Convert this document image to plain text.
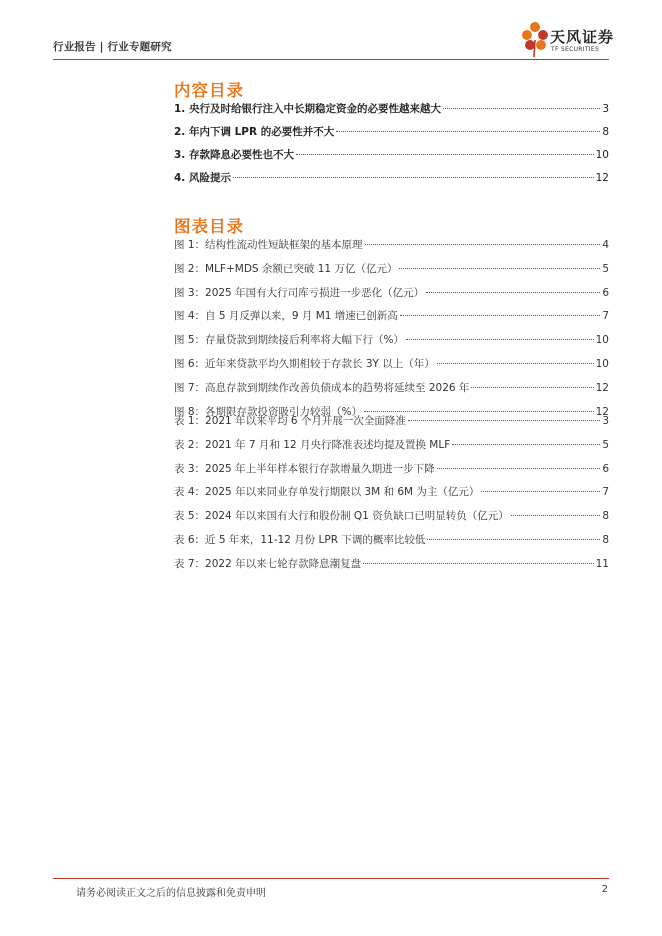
行业报告 | 行业专题研究
天风证券
TF SECURITIES
内容目录
1. 央行及时给银行注入中长期稳定资金的必要性越来越大	3
2. 年内下调 LPR 的必要性并不大	8
3. 存款降息必要性也不大	10
4. 风险提示	12
图表目录
图 1：结构性流动性短缺框架的基本原理	4
图 2：MLF+MDS 余额已突破 11 万亿（亿元）	5
图 3：2025 年国有大行司库亏损进一步恶化（亿元）	6
图 4：自 5 月反弹以来，9 月 M1 增速已创新高	7
图 5：存量贷款到期续接后利率将大幅下行（%）	10
图 6：近年来贷款平均久期相较于存款长 3Y 以上（年）	10
图 7：高息存款到期续作改善负债成本的趋势将延续至 2026 年	12
图 8：各期限存款投资吸引力较弱（%）	12
表 1：2021 年以来平均 6 个月开展一次全面降准	3
表 2：2021 年 7 月和 12 月央行降准表述均提及置换 MLF	5
表 3：2025 年上半年样本银行存款增量久期进一步下降	6
表 4：2025 年以来同业存单发行期限以 3M 和 6M 为主（亿元）	7
表 5：2024 年以来国有大行和股份制 Q1 资负缺口已明显转负（亿元）	8
表 6：近 5 年来，11-12 月份 LPR 下调的概率比较低	8
表 7：2022 年以来七轮存款降息潮复盘	11
请务必阅读正文之后的信息披露和免责申明	2
